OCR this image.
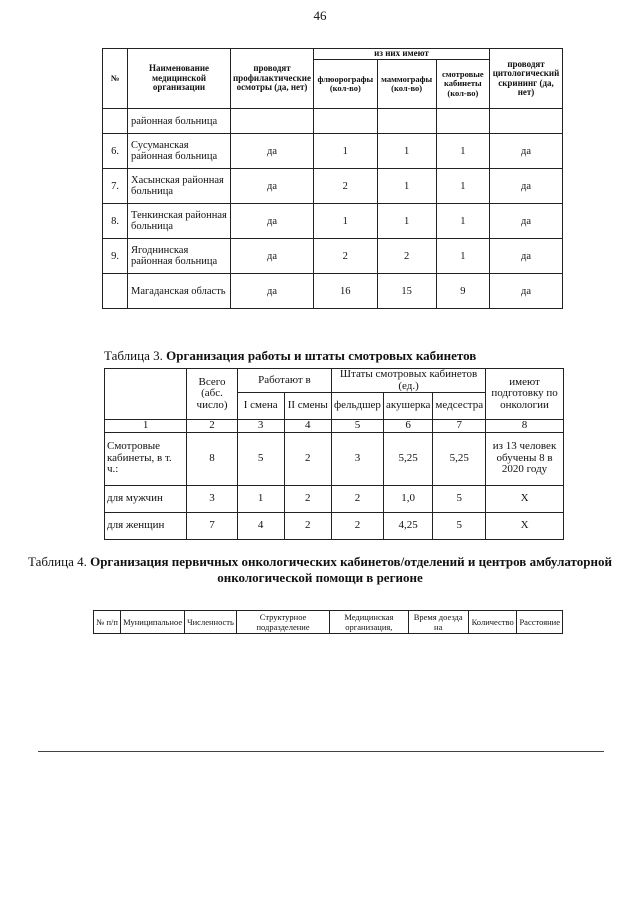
46
№	Наименование медицинской организации	проводят профилактические осмотры (да, нет)	из них имеют			проводят цитологический скрининг (да, нет)
			флюорографы (кол-во)	маммографы (кол-во)	смотровые кабинеты (кол-во)	
	районная больница					
6.	Сусуманская районная больница	да	1	1	1	да
7.	Хасынская районная больница	да	2	1	1	да
8.	Тенкинская районная больница	да	1	1	1	да
9.	Ягоднинская районная больница	да	2	2	1	да
	Магаданская область	да	16	15	9	да
Таблица 3. Организация работы и штаты смотровых кабинетов
	Всего (абс. число)	Работают в		Штаты смотровых кабинетов (ед.)			имеют подготовку по онкологии
		I смена	II смены	фельдшер	акушерка	медсестра	
1	2	3	4	5	6	7	8
Смотровые кабинеты, в т. ч.:	8	5	2	3	5,25	5,25	из 13 человек обучены 8 в 2020 году
для мужчин	3	1	2	2	1,0	5	Х
для женщин	7	4	2	2	4,25	5	Х
Таблица 4. Организация первичных онкологических кабинетов/отделений и центров амбулаторной онкологической помощи в регионе
№ п/п	Муниципальное	Численность	Структурное подразделение	Медицинская организация,	Время доезда на	Количество	Расстояние
